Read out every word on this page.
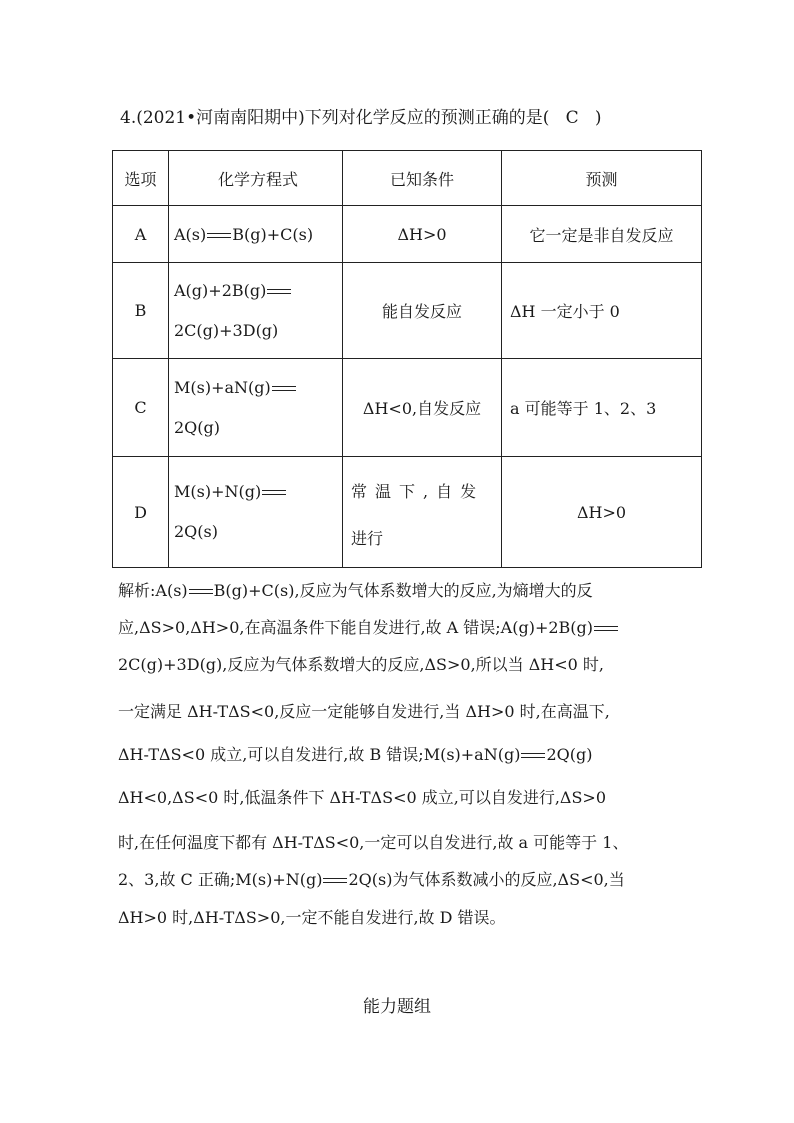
4.(2021•河南南阳期中)下列对化学反应的预测正确的是( C )
选项	化学方程式	已知条件	预测
A	A(s) B(g)+C(s)	ΔH>0	它一定是非自发反应
B	A(g)+2B(g)
2C(g)+3D(g)	能自发反应	ΔH 一定小于 0
C	M(s)+aN(g)
2Q(g)	ΔH<0,自发反应	a 可能等于 1、2、3
D	M(s)+N(g)
2Q(s)	常温下,自发
进行	ΔH>0
解析:A(s) B(g)+C(s),反应为气体系数增大的反应,为熵增大的反
应,ΔS>0,ΔH>0,在高温条件下能自发进行,故 A 错误;A(g)+2B(g)
2C(g)+3D(g),反应为气体系数增大的反应,ΔS>0,所以当 ΔH<0 时,
一定满足 ΔH-TΔS<0,反应一定能够自发进行,当 ΔH>0 时,在高温下,
ΔH-TΔS<0 成立,可以自发进行,故 B 错误;M(s)+aN(g) 2Q(g)
ΔH<0,ΔS<0 时,低温条件下 ΔH-TΔS<0 成立,可以自发进行,ΔS>0
时,在任何温度下都有 ΔH-TΔS<0,一定可以自发进行,故 a 可能等于 1、
2、3,故 C 正确;M(s)+N(g) 2Q(s)为气体系数减小的反应,ΔS<0,当
ΔH>0 时,ΔH-TΔS>0,一定不能自发进行,故 D 错误。
能力题组
